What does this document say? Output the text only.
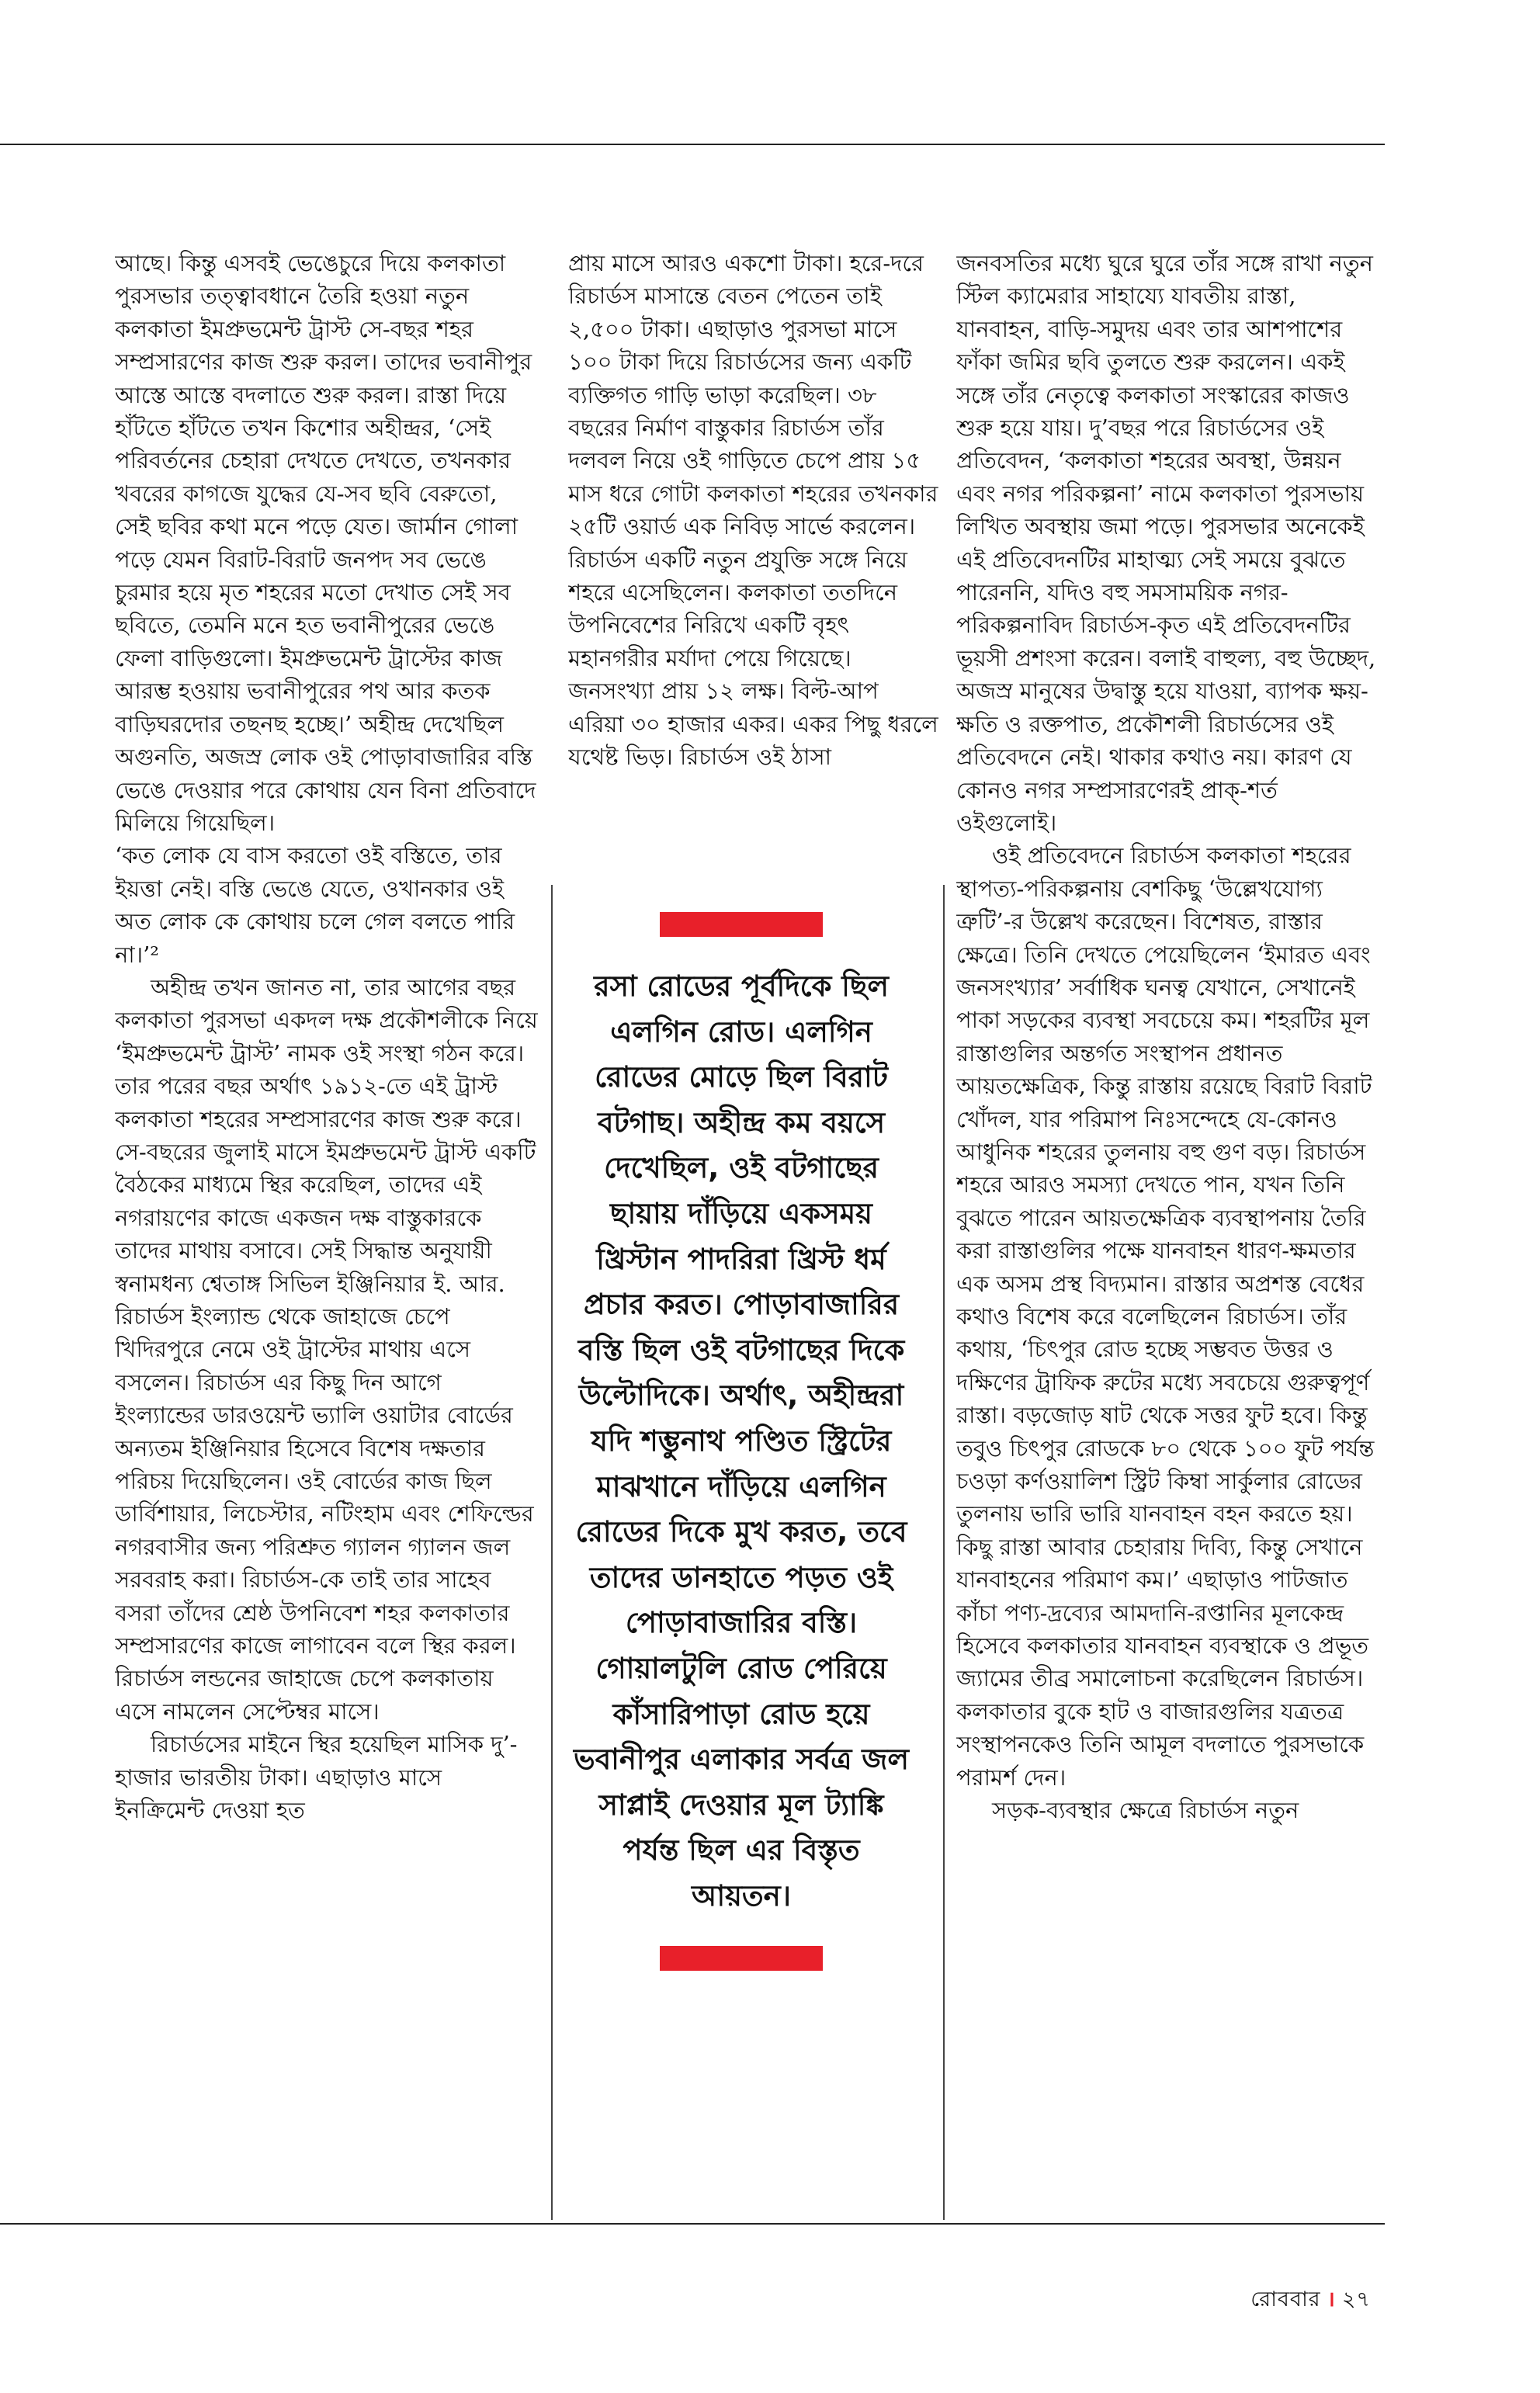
আছে। কিন্তু এসবই ভেঙেচুরে দিয়ে কলকাতা পুরসভার তত্ত্বাবধানে তৈরি হওয়া নতুন কলকাতা ইমপ্রুভমেন্ট ট্রাস্ট সে-বছর শহর সম্প্রসারণের কাজ শুরু করল। তাদের ভবানীপুর আস্তে আস্তে বদলাতে শুরু করল। রাস্তা দিয়ে হাঁটতে হাঁটতে তখন কিশোর অহীন্দ্রর, ‘সেই পরিবর্তনের চেহারা দেখতে দেখতে, তখনকার খবরের কাগজে যুদ্ধের যে-সব ছবি বেরুতো, সেই ছবির কথা মনে পড়ে যেত। জার্মান গোলা পড়ে যেমন বিরাট-বিরাট জনপদ সব ভেঙে চুরমার হয়ে মৃত শহরের মতো দেখাত সেই সব ছবিতে, তেমনি মনে হত ভবানীপুরের ভেঙে ফেলা বাড়িগুলো। ইমপ্রুভমেন্ট ট্রাস্টের কাজ আরম্ভ হওয়ায় ভবানীপুরের পথ আর কতক বাড়িঘরদোর তছনছ হচ্ছে।’ অহীন্দ্র দেখেছিল অগুনতি, অজস্র লোক ওই পোড়াবাজারির বস্তি ভেঙে দেওয়ার পরে কোথায় যেন বিনা প্রতিবাদে মিলিয়ে গিয়েছিল।

‘কত লোক যে বাস করতো ওই বস্তিতে, তার ইয়ত্তা নেই। বস্তি ভেঙে যেতে, ওখানকার ওই অত লোক কে কোথায় চলে গেল বলতে পারি না।’²

অহীন্দ্র তখন জানত না, তার আগের বছর কলকাতা পুরসভা একদল দক্ষ প্রকৌশলীকে নিয়ে ‘ইমপ্রুভমেন্ট ট্রাস্ট’ নামক ওই সংস্থা গঠন করে। তার পরের বছর অর্থাৎ ১৯১২-তে এই ট্রাস্ট কলকাতা শহরের সম্প্রসারণের কাজ শুরু করে। সে-বছরের জুলাই মাসে ইমপ্রুভমেন্ট ট্রাস্ট একটি বৈঠকের মাধ্যমে স্থির করেছিল, তাদের এই নগরায়ণের কাজে একজন দক্ষ বাস্তুকারকে তাদের মাথায় বসাবে। সেই সিদ্ধান্ত অনুযায়ী স্বনামধন্য শ্বেতাঙ্গ সিভিল ইঞ্জিনিয়ার ই. আর. রিচার্ডস ইংল্যান্ড থেকে জাহাজে চেপে খিদিরপুরে নেমে ওই ট্রাস্টের মাথায় এসে বসলেন। রিচার্ডস এর কিছু দিন আগে ইংল্যান্ডের ডারওয়েন্ট ভ্যালি ওয়াটার বোর্ডের অন্যতম ইঞ্জিনিয়ার হিসেবে বিশেষ দক্ষতার পরিচয় দিয়েছিলেন। ওই বোর্ডের কাজ ছিল ডার্বিশায়ার, লিচেস্টার, নটিংহাম এবং শেফিল্ডের নগরবাসীর জন্য পরিশ্রুত গ্যালন গ্যালন জল সরবরাহ করা। রিচার্ডস-কে তাই তার সাহেব বসরা তাঁদের শ্রেষ্ঠ উপনিবেশ শহর কলকাতার সম্প্রসারণের কাজে লাগাবেন বলে স্থির করল। রিচার্ডস লন্ডনের জাহাজে চেপে কলকাতায় এসে নামলেন সেপ্টেম্বর মাসে।

রিচার্ডসের মাইনে স্থির হয়েছিল মাসিক দু’-হাজার ভারতীয় টাকা। এছাড়াও মাসে ইনক্রিমেন্ট দেওয়া হত

প্রায় মাসে আরও একশো টাকা। হরে-দরে রিচার্ডস মাসান্তে বেতন পেতেন তাই ২,৫০০ টাকা। এছাড়াও পুরসভা মাসে ১০০ টাকা দিয়ে রিচার্ডসের জন্য একটি ব্যক্তিগত গাড়ি ভাড়া করেছিল। ৩৮ বছরের নির্মাণ বাস্তুকার রিচার্ডস তাঁর দলবল নিয়ে ওই গাড়িতে চেপে প্রায় ১৫ মাস ধরে গোটা কলকাতা শহরের তখনকার ২৫টি ওয়ার্ড এক নিবিড় সার্ভে করলেন। রিচার্ডস একটি নতুন প্রযুক্তি সঙ্গে নিয়ে শহরে এসেছিলেন। কলকাতা ততদিনে উপনিবেশের নিরিখে একটি বৃহৎ মহানগরীর মর্যাদা পেয়ে গিয়েছে। জনসংখ্যা প্রায় ১২ লক্ষ। বিল্ট-আপ এরিয়া ৩০ হাজার একর। একর পিছু ধরলে যথেষ্ট ভিড়। রিচার্ডস ওই ঠাসা

রসা রোডের পূর্বদিকে ছিল এলগিন রোড। এলগিন রোডের মোড়ে ছিল বিরাট বটগাছ। অহীন্দ্র কম বয়সে দেখেছিল, ওই বটগাছের ছায়ায় দাঁড়িয়ে একসময় খ্রিস্টান পাদরিরা খ্রিস্ট ধর্ম প্রচার করত। পোড়াবাজারির বস্তি ছিল ওই বটগাছের দিকে উল্টোদিকে। অর্থাৎ, অহীন্দ্ররা যদি শম্ভুনাথ পণ্ডিত স্ট্রিটের মাঝখানে দাঁড়িয়ে এলগিন রোডের দিকে মুখ করত, তবে তাদের ডানহাতে পড়ত ওই পোড়াবাজারির বস্তি। গোয়ালটুলি রোড পেরিয়ে কাঁসারিপাড়া রোড হয়ে ভবানীপুর এলাকার সর্বত্র জল সাপ্লাই দেওয়ার মূল ট্যাঙ্কি পর্যন্ত ছিল এর বিস্তৃত আয়তন।

জনবসতির মধ্যে ঘুরে ঘুরে তাঁর সঙ্গে রাখা নতুন স্টিল ক্যামেরার সাহায্যে যাবতীয় রাস্তা, যানবাহন, বাড়ি-সমুদয় এবং তার আশপাশের ফাঁকা জমির ছবি তুলতে শুরু করলেন। একই সঙ্গে তাঁর নেতৃত্বে কলকাতা সংস্কারের কাজও শুরু হয়ে যায়। দু’বছর পরে রিচার্ডসের ওই প্রতিবেদন, ‘কলকাতা শহরের অবস্থা, উন্নয়ন এবং নগর পরিকল্পনা’ নামে কলকাতা পুরসভায় লিখিত অবস্থায় জমা পড়ে। পুরসভার অনেকেই এই প্রতিবেদনটির মাহাত্ম্য সেই সময়ে বুঝতে পারেননি, যদিও বহু সমসাময়িক নগর-পরিকল্পনাবিদ রিচার্ডস-কৃত এই প্রতিবেদনটির ভূয়সী প্রশংসা করেন। বলাই বাহুল্য, বহু উচ্ছেদ, অজস্র মানুষের উদ্বাস্তু হয়ে যাওয়া, ব্যাপক ক্ষয়-ক্ষতি ও রক্তপাত, প্রকৌশলী রিচার্ডসের ওই প্রতিবেদনে নেই। থাকার কথাও নয়। কারণ যে কোনও নগর সম্প্রসারণেরই প্রাক্-শর্ত ওইগুলোই।

ওই প্রতিবেদনে রিচার্ডস কলকাতা শহরের স্থাপত্য-পরিকল্পনায় বেশকিছু ‘উল্লেখযোগ্য ত্রুটি’-র উল্লেখ করেছেন। বিশেষত, রাস্তার ক্ষেত্রে। তিনি দেখতে পেয়েছিলেন ‘ইমারত এবং জনসংখ্যার’ সর্বাধিক ঘনত্ব যেখানে, সেখানেই পাকা সড়কের ব্যবস্থা সবচেয়ে কম। শহরটির মূল রাস্তাগুলির অন্তর্গত সংস্থাপন প্রধানত আয়তক্ষেত্রিক, কিন্তু রাস্তায় রয়েছে বিরাট বিরাট খোঁদল, যার পরিমাপ নিঃসন্দেহে যে-কোনও আধুনিক শহরের তুলনায় বহু গুণ বড়। রিচার্ডস শহরে আরও সমস্যা দেখতে পান, যখন তিনি বুঝতে পারেন আয়তক্ষেত্রিক ব্যবস্থাপনায় তৈরি করা রাস্তাগুলির পক্ষে যানবাহন ধারণ-ক্ষমতার এক অসম প্রস্থ বিদ্যমান। রাস্তার অপ্রশস্ত বেধের কথাও বিশেষ করে বলেছিলেন রিচার্ডস। তাঁর কথায়, ‘চিৎপুর রোড হচ্ছে সম্ভবত উত্তর ও দক্ষিণের ট্রাফিক রুটের মধ্যে সবচেয়ে গুরুত্বপূর্ণ রাস্তা। বড়জোড় ষাট থেকে সত্তর ফুট হবে। কিন্তু তবুও চিৎপুর রোডকে ৮০ থেকে ১০০ ফুট পর্যন্ত চওড়া কর্ণওয়ালিশ স্ট্রিট কিম্বা সার্কুলার রোডের তুলনায় ভারি ভারি যানবাহন বহন করতে হয়। কিছু রাস্তা আবার চেহারায় দিব্যি, কিন্তু সেখানে যানবাহনের পরিমাণ কম।’ এছাড়াও পাটজাত কাঁচা পণ্য-দ্রব্যের আমদানি-রপ্তানির মূলকেন্দ্র হিসেবে কলকাতার যানবাহন ব্যবস্থাকে ও প্রভূত জ্যামের তীব্র সমালোচনা করেছিলেন রিচার্ডস। কলকাতার বুকে হাট ও বাজারগুলির যত্রতত্র সংস্থাপনকেও তিনি আমূল বদলাতে পুরসভাকে পরামর্শ দেন।

সড়ক-ব্যবস্থার ক্ষেত্রে রিচার্ডস নতুন

রোববার । ২৭
